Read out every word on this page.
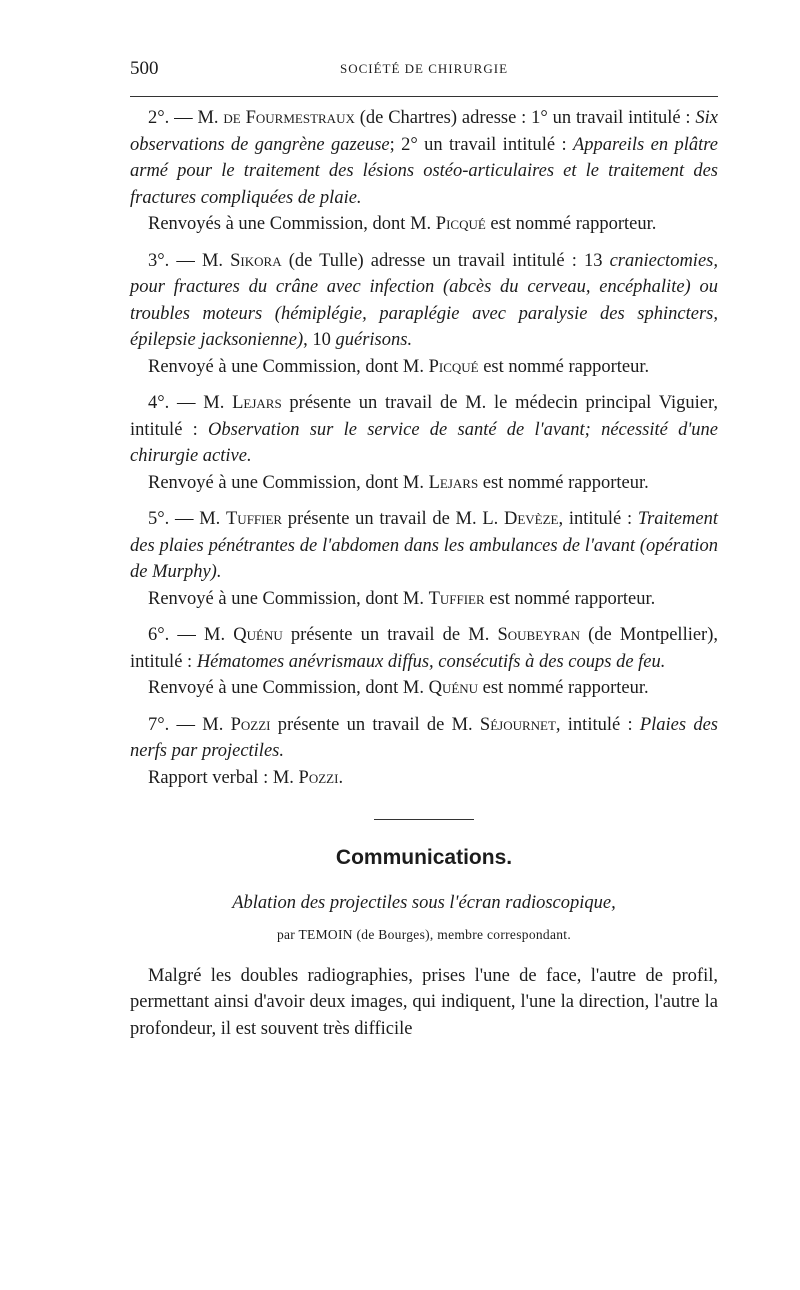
500	SOCIÉTÉ DE CHIRURGIE

2°. — M. de Fourmestraux (de Chartres) adresse : 1° un travail intitulé : Six observations de gangrène gazeuse; 2° un travail intitulé : Appareils en plâtre armé pour le traitement des lésions ostéo-articulaires et le traitement des fractures compliquées de plaie.

Renvoyés à une Commission, dont M. Picqué est nommé rapporteur.

3°. — M. Sikora (de Tulle) adresse un travail intitulé : 13 craniectomies, pour fractures du crâne avec infection (abcès du cerveau, encéphalite) ou troubles moteurs (hémiplégie, paraplégie avec paralysie des sphincters, épilepsie jacksonienne), 10 guérisons.

Renvoyé à une Commission, dont M. Picqué est nommé rapporteur.

4°. — M. Lejars présente un travail de M. le médecin principal Viguier, intitulé : Observation sur le service de santé de l'avant; nécessité d'une chirurgie active.

Renvoyé à une Commission, dont M. Lejars est nommé rapporteur.

5°. — M. Tuffier présente un travail de M. L. Devèze, intitulé : Traitement des plaies pénétrantes de l'abdomen dans les ambulances de l'avant (opération de Murphy).

Renvoyé à une Commission, dont M. Tuffier est nommé rapporteur.

6°. — M. Quénu présente un travail de M. Soubeyran (de Montpellier), intitulé : Hématomes anévrismaux diffus, consécutifs à des coups de feu.

Renvoyé à une Commission, dont M. Quénu est nommé rapporteur.

7°. — M. Pozzi présente un travail de M. Séjournet, intitulé : Plaies des nerfs par projectiles.

Rapport verbal : M. Pozzi.

Communications.

Ablation des projectiles sous l'écran radioscopique,

par TEMOIN (de Bourges), membre correspondant.

Malgré les doubles radiographies, prises l'une de face, l'autre de profil, permettant ainsi d'avoir deux images, qui indiquent, l'une la direction, l'autre la profondeur, il est souvent très difficile
